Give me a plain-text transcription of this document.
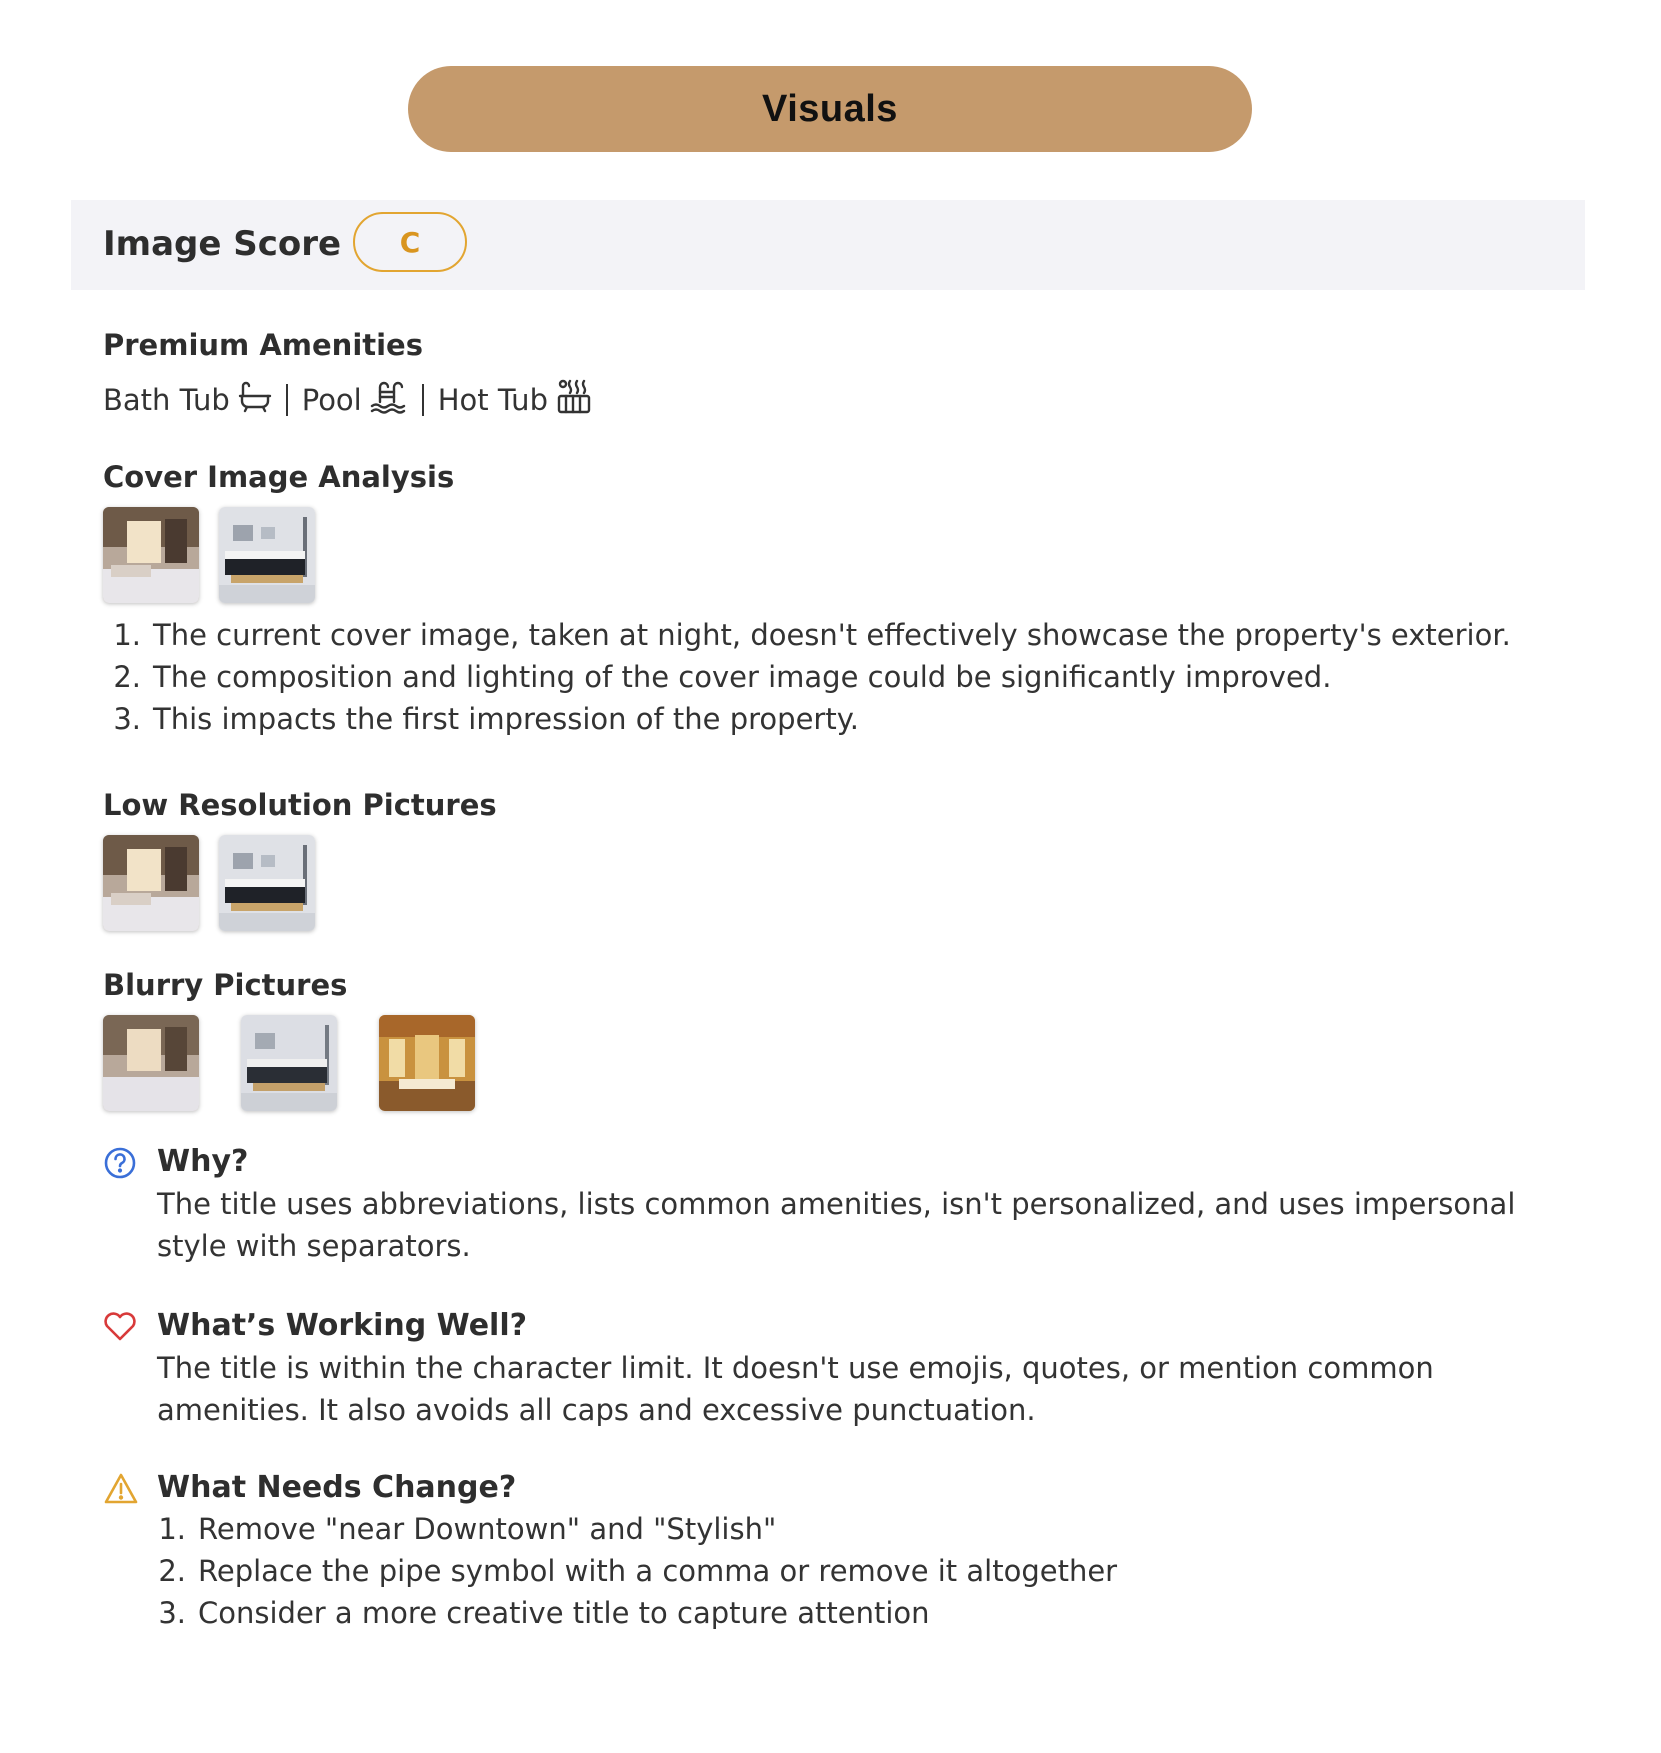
Visuals
Image Score	C
Premium Amenities
Bath Tub Pool	Hot Tub
Cover Image Analysis
1. The current cover image, taken at night, doesn't effectively showcase the property's exterior.
2. The composition and lighting of the cover image could be significantly improved.
3. This impacts the first impression of the property.
Low Resolution Pictures
Blurry Pictures
Why?
The title uses abbreviations, lists common amenities, isn't personalized, and uses impersonal style with separators.
What’s Working Well?
The title is within the character limit. It doesn't use emojis, quotes, or mention common amenities. It also avoids all caps and excessive punctuation.
What Needs Change?
1. Remove "near Downtown" and "Stylish"
2. Replace the pipe symbol with a comma or remove it altogether
3. Consider a more creative title to capture attention
